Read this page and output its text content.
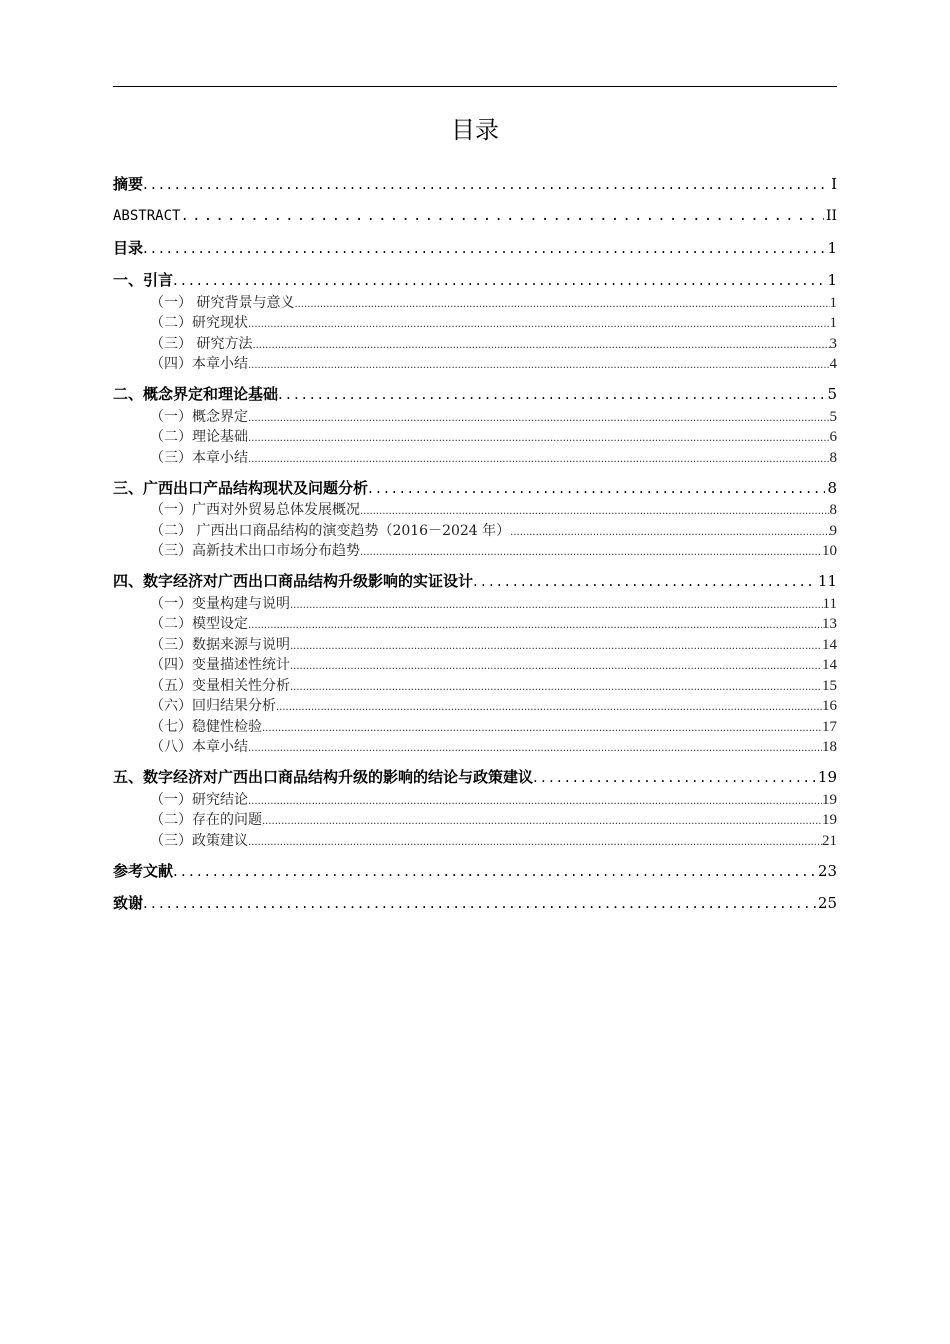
目录
摘要 .....	I
ABSTRACT .....	II
目录 .....	1
一、引言 .....	1
（一） 研究背景与意义 .....	1
（二）研究现状 .....	1
（三） 研究方法 .....	3
（四）本章小结 .....	4
二、概念界定和理论基础 .....	5
（一）概念界定 .....	5
（二）理论基础 .....	6
（三）本章小结 .....	8
三、广西出口产品结构现状及问题分析 .....	8
（一）广西对外贸易总体发展概况 .....	8
（二） 广西出口商品结构的演变趋势（2016－2024 年） .....	9
（三）高新技术出口市场分布趋势 .....	10
四、数字经济对广西出口商品结构升级影响的实证设计 .....	11
（一）变量构建与说明 .....	11
（二）模型设定 .....	13
（三）数据来源与说明 .....	14
（四）变量描述性统计 .....	14
（五）变量相关性分析 .....	15
（六）回归结果分析 .....	16
（七）稳健性检验 .....	17
（八）本章小结 .....	18
五、数字经济对广西出口商品结构升级的影响的结论与政策建议 .....	19
（一）研究结论 .....	19
（二）存在的问题 .....	19
（三）政策建议 .....	21
参考文献 .....	23
致谢 .....	25
